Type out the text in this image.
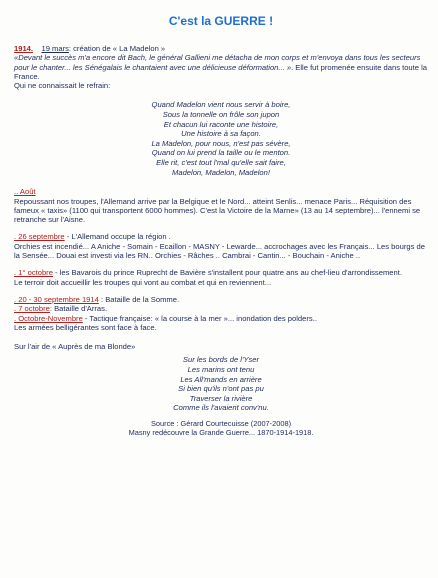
C'est la GUERRE !

1914. 19 mars: création de « La Madelon »

«Devant le succès m'a encore dit Bach, le général Gallieni me détacha de mon corps et m'envoya dans tous les secteurs pour le chanter... les Sénégalais le chantaient avec une délicieuse déformation... ». Elle fut promenée ensuite dans toute la France.

Qui ne connaissait le refrain:

Quand Madelon vient nous servir à boire,
Sous la tonnelle on frôle son jupon
Et chacun lui raconte une histoire,
Une histoire à sa façon.
La Madelon, pour nous, n'est pas sévère,
Quand on lui prend la taille ou le menton.
Elle rit, c'est tout l'mal qu'elle sait faire,
Madelon, Madelon, Madelon!

.. Août

Repoussant nos troupes, l'Allemand arrive par la Belgique et le Nord... atteint Senlis... menace Paris... Réquisition des fameux « taxis» (1100 qui transportent 6000 hommes). C'est la Victoire de la Marne» (13 au 14 septembre)... l'ennemi se retranche sur l'Aisne.

. 26 septembre - L'Allemand occupe la région .

Orchies est incendié... A Aniche - Somain - Ecaillon - MASNY - Lewarde... accrochages avec les Français... Les bourgs de la Sensée... Douai est investi via les RN.. Orchies - Râches .. Cambrai - Cantin... - Bouchain - Aniche ..

. 1° octobre - les Bavarois du prince Ruprecht de Bavière s'installent pour quatre ans au chef-lieu d'arrondissement.

Le terroir doit accueillir les troupes qui vont au combat et qui en reviennent...

. 20 - 30 septembre 1914 : Bataille de la Somme.

. 7 octobre: Bataille d'Arras.

. Octobre-Novembre - Tactique française: « la course à la mer »... inondation des polders..

Les armées belligérantes sont face à face.

Sur l'air de « Auprès de ma Blonde»

Sur les bords de l'Yser
Les marins ont tenu
Les All'mands en arrière
Si bien qu'ils n'ont pas pu
Traverser la rivière
Comme ils l'avaient conv'nu.
Source : Gérard Courtecuisse (2007-2008)
Masny redécouvre la Grande Guerre... 1870-1914-1918.
